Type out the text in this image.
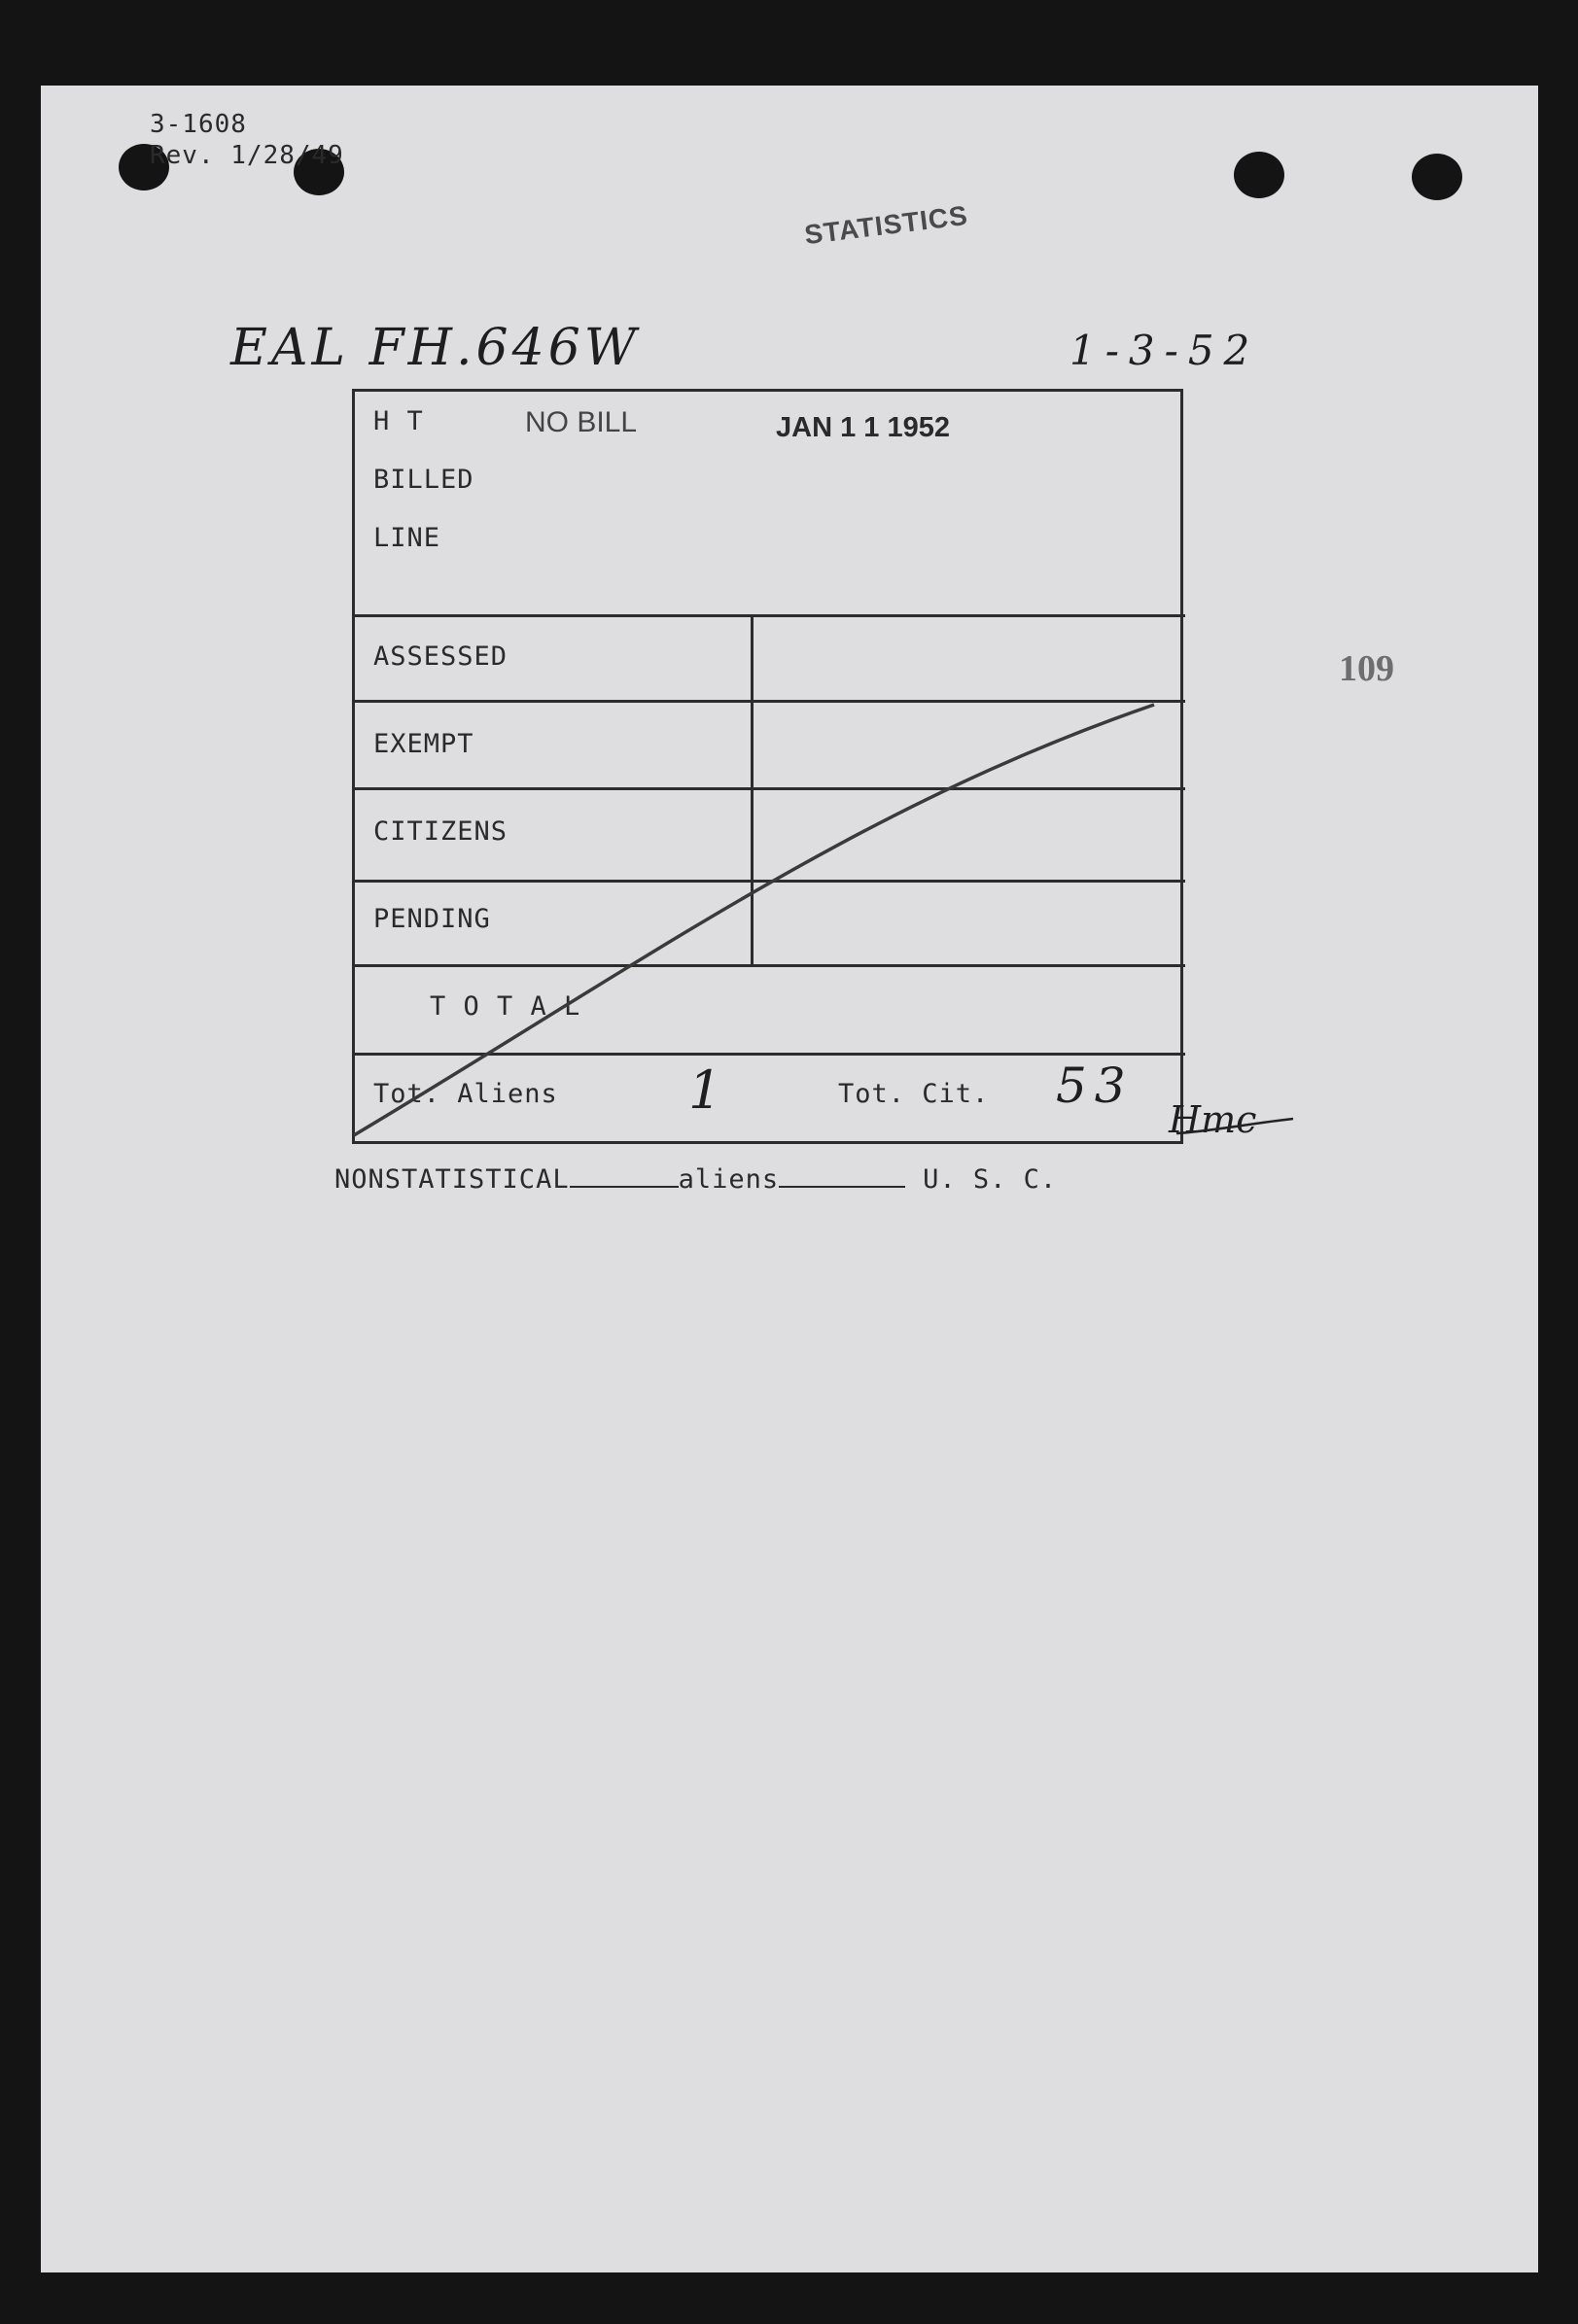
3-1608
Rev. 1/28/49
STATISTICS
EAL FH.646W	1-3-52
109
H T
BILLED
LINE
NO BILL	JAN 1 1 1952
ASSESSED
EXEMPT
CITIZENS
PENDING
T O T A L
Tot. Aliens 1	Tot. Cit. 53
Hmc
NONSTATISTICAL	aliens	U. S. C.
